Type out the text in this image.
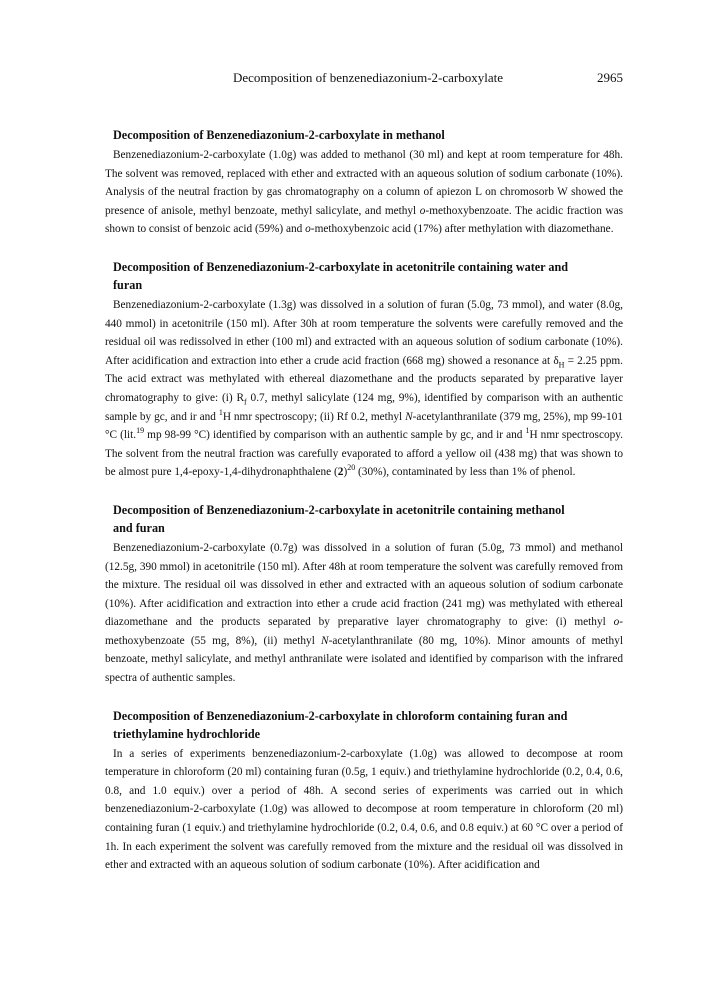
Decomposition of benzenediazonium-2-carboxylate	2965
Decomposition of Benzenediazonium-2-carboxylate in methanol

Benzenediazonium-2-carboxylate (1.0g) was added to methanol (30 ml) and kept at room temperature for 48h. The solvent was removed, replaced with ether and extracted with an aqueous solution of sodium carbonate (10%). Analysis of the neutral fraction by gas chromatography on a column of apiezon L on chromosorb W showed the presence of anisole, methyl benzoate, methyl salicylate, and methyl o-methoxybenzoate. The acidic fraction was shown to consist of benzoic acid (59%) and o-methoxybenzoic acid (17%) after methylation with diazomethane.

Decomposition of Benzenediazonium-2-carboxylate in acetonitrile containing water and
furan

Benzenediazonium-2-carboxylate (1.3g) was dissolved in a solution of furan (5.0g, 73 mmol), and water (8.0g, 440 mmol) in acetonitrile (150 ml). After 30h at room temperature the solvents were carefully removed and the residual oil was redissolved in ether (100 ml) and extracted with an aqueous solution of sodium carbonate (10%). After acidification and extraction into ether a crude acid fraction (668 mg) showed a resonance at $\delta_H = 2.25$ ppm. The acid extract was methylated with ethereal diazomethane and the products separated by preparative layer chromatography to give: (i) $R_f$ 0.7, methyl salicylate (124 mg, 9%), identified by comparison with an authentic sample by gc, and ir and $^1$H nmr spectroscopy; (ii) Rf 0.2, methyl N-acetylanthranilate (379 mg, 25%), mp 99-101 °C (lit.$^{19}$ mp 98-99 °C) identified by comparison with an authentic sample by gc, and ir and $^1$H nmr spectroscopy. The solvent from the neutral fraction was carefully evaporated to afford a yellow oil (438 mg) that was shown to be almost pure 1,4-epoxy-1,4-dihydronaphthalene $(2)^{20}$ (30%), contaminated by less than 1% of phenol.

Decomposition of Benzenediazonium-2-carboxylate in acetonitrile containing methanol
and furan

Benzenediazonium-2-carboxylate (0.7g) was dissolved in a solution of furan (5.0g, 73 mmol) and methanol (12.5g, 390 mmol) in acetonitrile (150 ml). After 48h at room temperature the solvent was carefully removed from the mixture. The residual oil was dissolved in ether and extracted with an aqueous solution of sodium carbonate (10%). After acidification and extraction into ether a crude acid fraction (241 mg) was methylated with ethereal diazomethane and the products separated by preparative layer chromatography to give: (i) methyl o-methoxybenzoate (55 mg, 8%), (ii) methyl N-acetylanthranilate (80 mg, 10%). Minor amounts of methyl benzoate, methyl salicylate, and methyl anthranilate were isolated and identified by comparison with the infrared spectra of authentic samples.

Decomposition of Benzenediazonium-2-carboxylate in chloroform containing furan and
triethylamine hydrochloride

In a series of experiments benzenediazonium-2-carboxylate (1.0g) was allowed to decompose at room temperature in chloroform (20 ml) containing furan (0.5g, 1 equiv.) and triethylamine hydrochloride (0.2, 0.4, 0.6, 0.8, and 1.0 equiv.) over a period of 48h. A second series of experiments was carried out in which benzenediazonium-2-carboxylate (1.0g) was allowed to decompose at room temperature in chloroform (20 ml) containing furan (1 equiv.) and triethylamine hydrochloride (0.2, 0.4, 0.6, and 0.8 equiv.) at 60 °C over a period of 1h. In each experiment the solvent was carefully removed from the mixture and the residual oil was dissolved in ether and extracted with an aqueous solution of sodium carbonate (10%). After acidification and
